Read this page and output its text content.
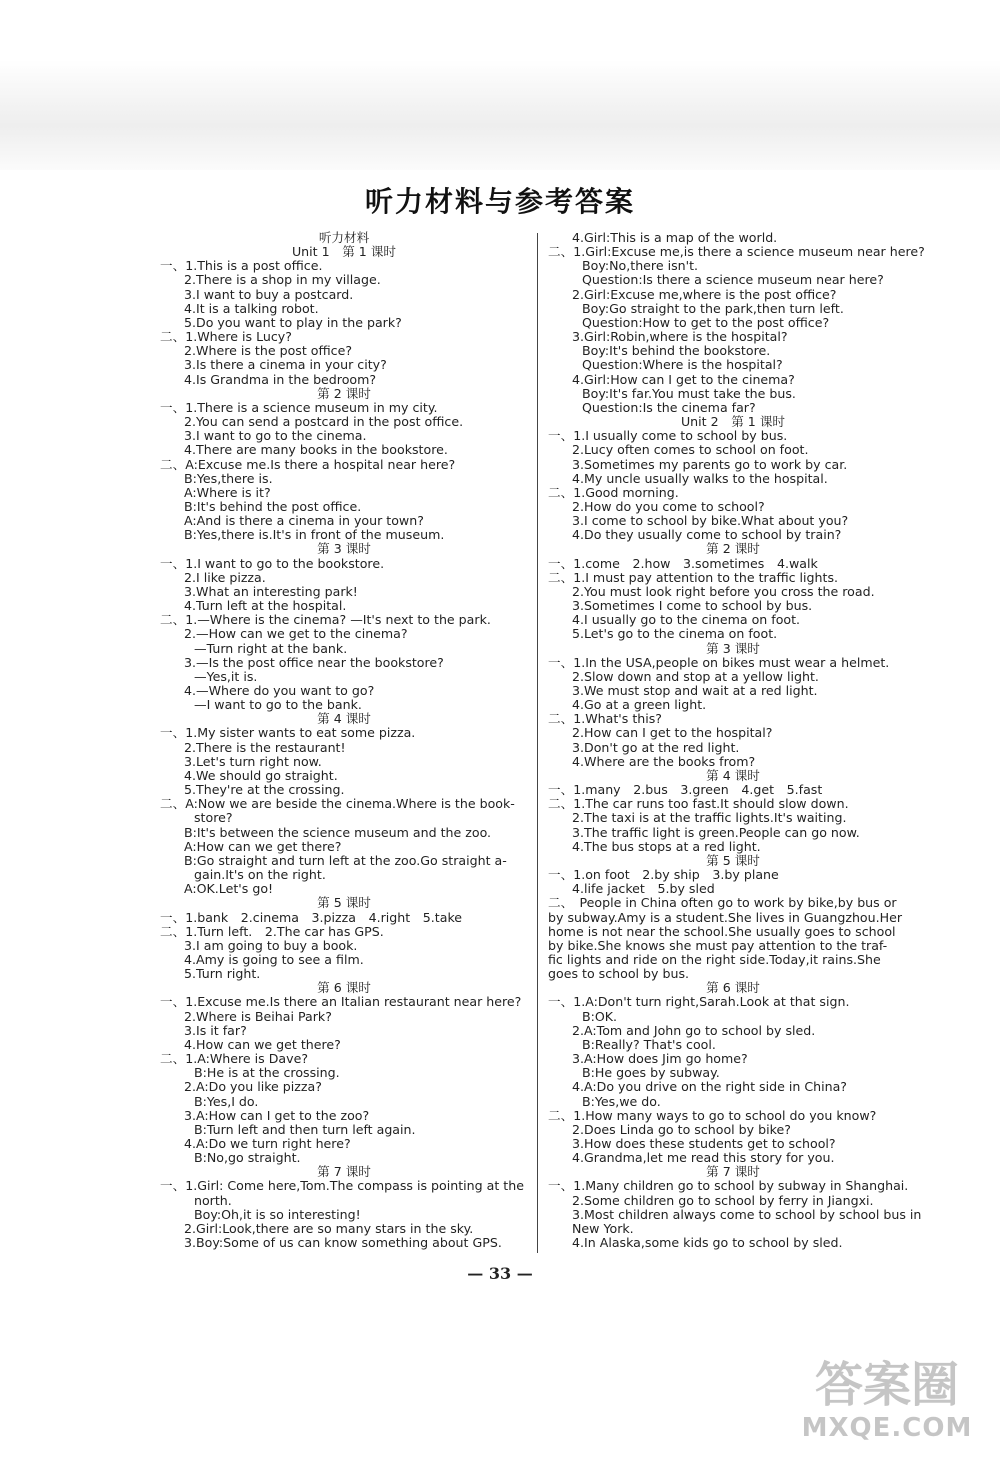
听力材料与参考答案
听力材料
Unit 1　第 1 课时
一、1.This is a post office.
2.There is a shop in my village.
3.I want to buy a postcard.
4.It is a talking robot.
5.Do you want to play in the park?
二、1.Where is Lucy?
2.Where is the post office?
3.Is there a cinema in your city?
4.Is Grandma in the bedroom?
第 2 课时
一、1.There is a science museum in my city.
2.You can send a postcard in the post office.
3.I want to go to the cinema.
4.There are many books in the bookstore.
二、A:Excuse me.Is there a hospital near here?
B:Yes,there is.
A:Where is it?
B:It's behind the post office.
A:And is there a cinema in your town?
B:Yes,there is.It's in front of the museum.
第 3 课时
一、1.I want to go to the bookstore.
2.I like pizza.
3.What an interesting park!
4.Turn left at the hospital.
二、1.—Where is the cinema? —It's next to the park.
2.—How can we get to the cinema?
—Turn right at the bank.
3.—Is the post office near the bookstore?
—Yes,it is.
4.—Where do you want to go?
—I want to go to the bank.
第 4 课时
一、1.My sister wants to eat some pizza.
2.There is the restaurant!
3.Let's turn right now.
4.We should go straight.
5.They're at the crossing.
二、A:Now we are beside the cinema.Where is the book-
store?
B:It's between the science museum and the zoo.
A:How can we get there?
B:Go straight and turn left at the zoo.Go straight a-
gain.It's on the right.
A:OK.Let's go!
第 5 课时
一、1.bank　2.cinema　3.pizza　4.right　5.take
二、1.Turn left.　2.The car has GPS.
3.I am going to buy a book.
4.Amy is going to see a film.
5.Turn right.
第 6 课时
一、1.Excuse me.Is there an Italian restaurant near here?
2.Where is Beihai Park?
3.Is it far?
4.How can we get there?
二、1.A:Where is Dave?
B:He is at the crossing.
2.A:Do you like pizza?
B:Yes,I do.
3.A:How can I get to the zoo?
B:Turn left and then turn left again.
4.A:Do we turn right here?
B:No,go straight.
第 7 课时
一、1.Girl: Come here,Tom.The compass is pointing at the
north.
Boy:Oh,it is so interesting!
2.Girl:Look,there are so many stars in the sky.
3.Boy:Some of us can know something about GPS.
4.Girl:This is a map of the world.
二、1.Girl:Excuse me,is there a science museum near here?
Boy:No,there isn't.
Question:Is there a science museum near here?
2.Girl:Excuse me,where is the post office?
Boy:Go straight to the park,then turn left.
Question:How to get to the post office?
3.Girl:Robin,where is the hospital?
Boy:It's behind the bookstore.
Question:Where is the hospital?
4.Girl:How can I get to the cinema?
Boy:It's far.You must take the bus.
Question:Is the cinema far?
Unit 2　第 1 课时
一、1.I usually come to school by bus.
2.Lucy often comes to school on foot.
3.Sometimes my parents go to work by car.
4.My uncle usually walks to the hospital.
二、1.Good morning.
2.How do you come to school?
3.I come to school by bike.What about you?
4.Do they usually come to school by train?
第 2 课时
一、1.come　2.how　3.sometimes　4.walk
二、1.I must pay attention to the traffic lights.
2.You must look right before you cross the road.
3.Sometimes I come to school by bus.
4.I usually go to the cinema on foot.
5.Let's go to the cinema on foot.
第 3 课时
一、1.In the USA,people on bikes must wear a helmet.
2.Slow down and stop at a yellow light.
3.We must stop and wait at a red light.
4.Go at a green light.
二、1.What's this?
2.How can I get to the hospital?
3.Don't go at the red light.
4.Where are the books from?
第 4 课时
一、1.many　2.bus　3.green　4.get　5.fast
二、1.The car runs too fast.It should slow down.
2.The taxi is at the traffic lights.It's waiting.
3.The traffic light is green.People can go now.
4.The bus stops at a red light.
第 5 课时
一、1.on foot　2.by ship　3.by plane
4.life jacket　5.by sled
二、　People in China often go to work by bike,by bus or
by subway.Amy is a student.She lives in Guangzhou.Her
home is not near the school.She usually goes to school
by bike.She knows she must pay attention to the traf-
fic lights and ride on the right side.Today,it rains.She
goes to school by bus.
第 6 课时
一、1.A:Don't turn right,Sarah.Look at that sign.
B:OK.
2.A:Tom and John go to school by sled.
B:Really? That's cool.
3.A:How does Jim go home?
B:He goes by subway.
4.A:Do you drive on the right side in China?
B:Yes,we do.
二、1.How many ways to go to school do you know?
2.Does Linda go to school by bike?
3.How does these students get to school?
4.Grandma,let me read this story for you.
第 7 课时
一、1.Many children go to school by subway in Shanghai.
2.Some children go to school by ferry in Jiangxi.
3.Most children always come to school by school bus in
New York.
4.In Alaska,some kids go to school by sled.
— 33 —
答案圈
MXQE.COM
